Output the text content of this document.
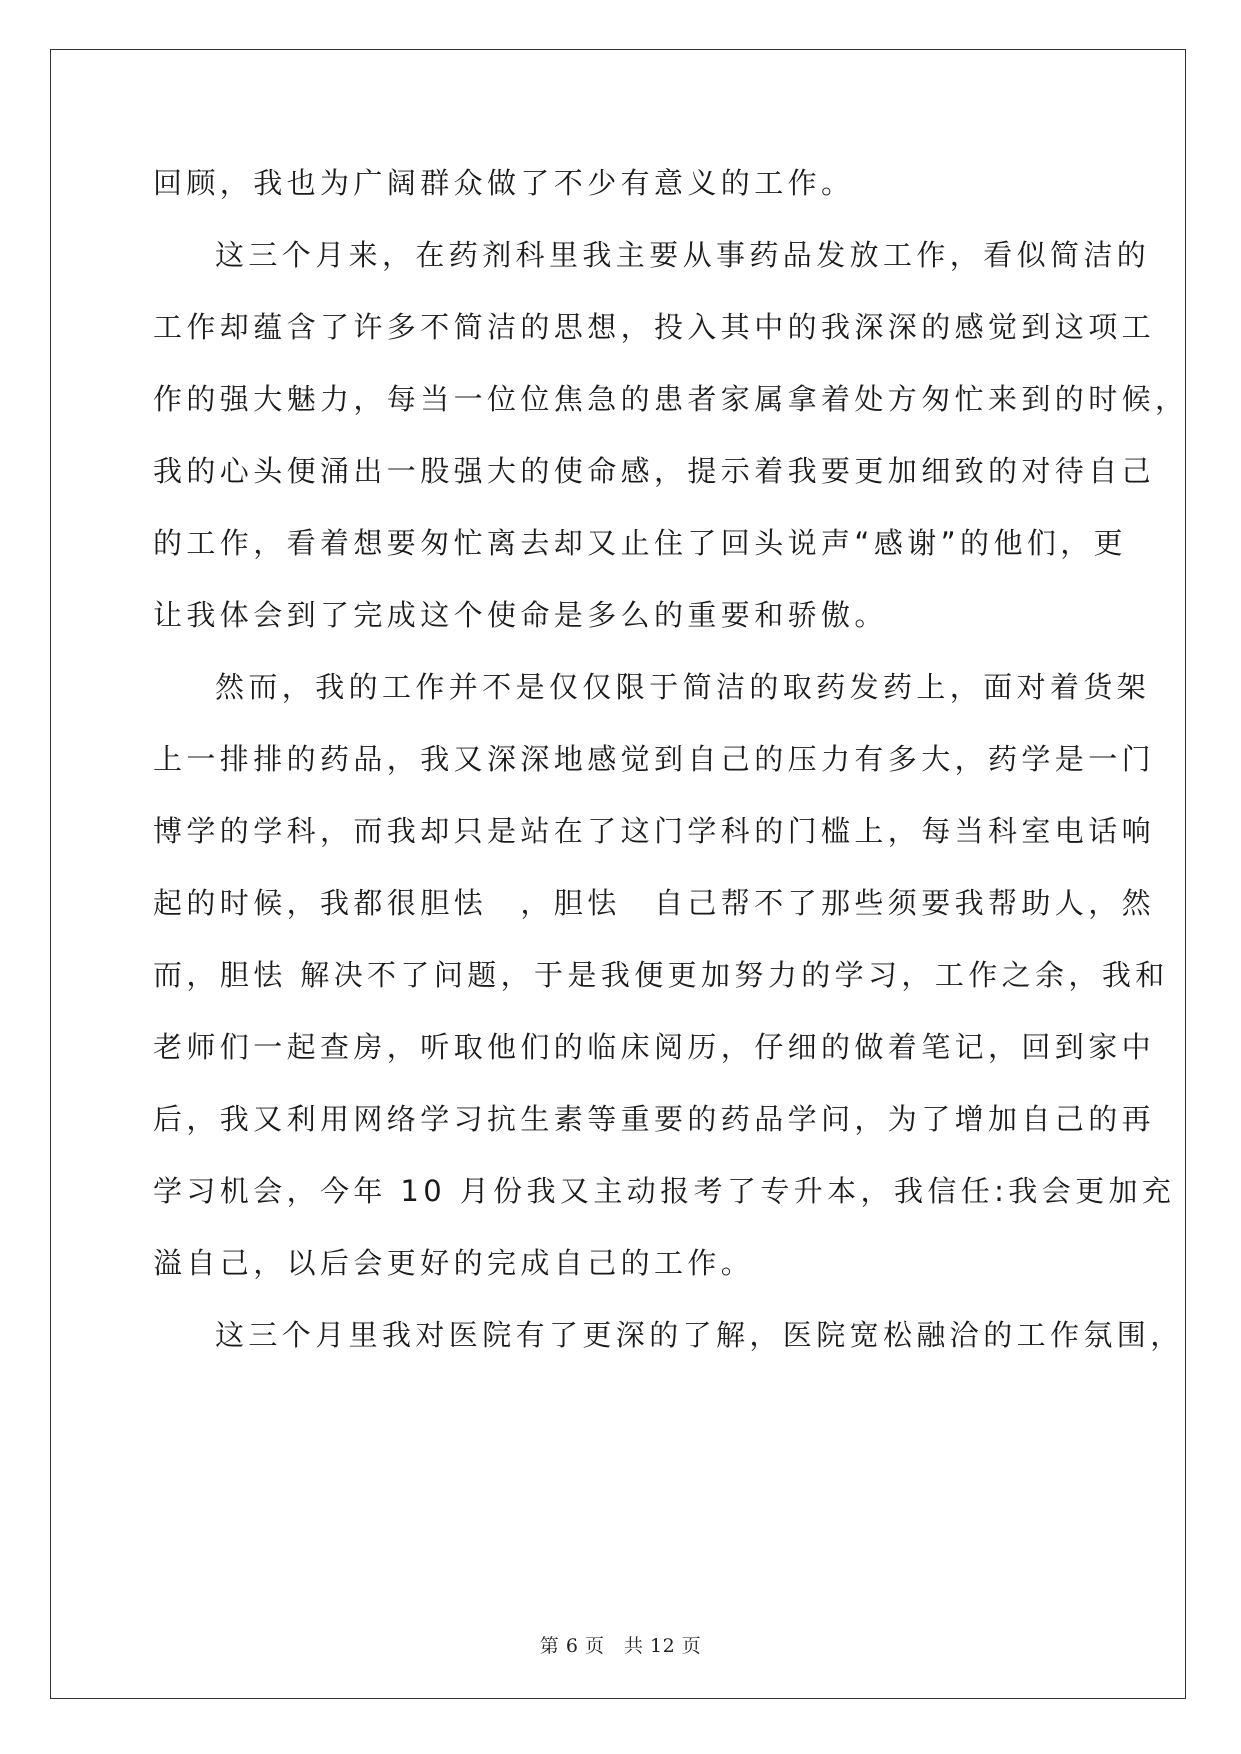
回顾，我也为广阔群众做了不少有意义的工作。
这三个月来，在药剂科里我主要从事药品发放工作，看似简洁的
工作却蕴含了许多不简洁的思想，投入其中的我深深的感觉到这项工
作的强大魅力，每当一位位焦急的患者家属拿着处方匆忙来到的时候，
我的心头便涌出一股强大的使命感，提示着我要更加细致的对待自己
的工作，看着想要匆忙离去却又止住了回头说声“感谢”的他们，更
让我体会到了完成这个使命是多么的重要和骄傲。
然而，我的工作并不是仅仅限于简洁的取药发药上，面对着货架
上一排排的药品，我又深深地感觉到自己的压力有多大，药学是一门
博学的学科，而我却只是站在了这门学科的门槛上，每当科室电话响
起的时候，我都很胆怯　，胆怯　自己帮不了那些须要我帮助人，然
而，胆怯 解决不了问题，于是我便更加努力的学习，工作之余，我和
老师们一起查房，听取他们的临床阅历，仔细的做着笔记，回到家中
后，我又利用网络学习抗生素等重要的药品学问，为了增加自己的再
学习机会，今年 10 月份我又主动报考了专升本，我信任:我会更加充
溢自己，以后会更好的完成自己的工作。
这三个月里我对医院有了更深的了解，医院宽松融洽的工作氛围，
第 6 页　共 12 页
